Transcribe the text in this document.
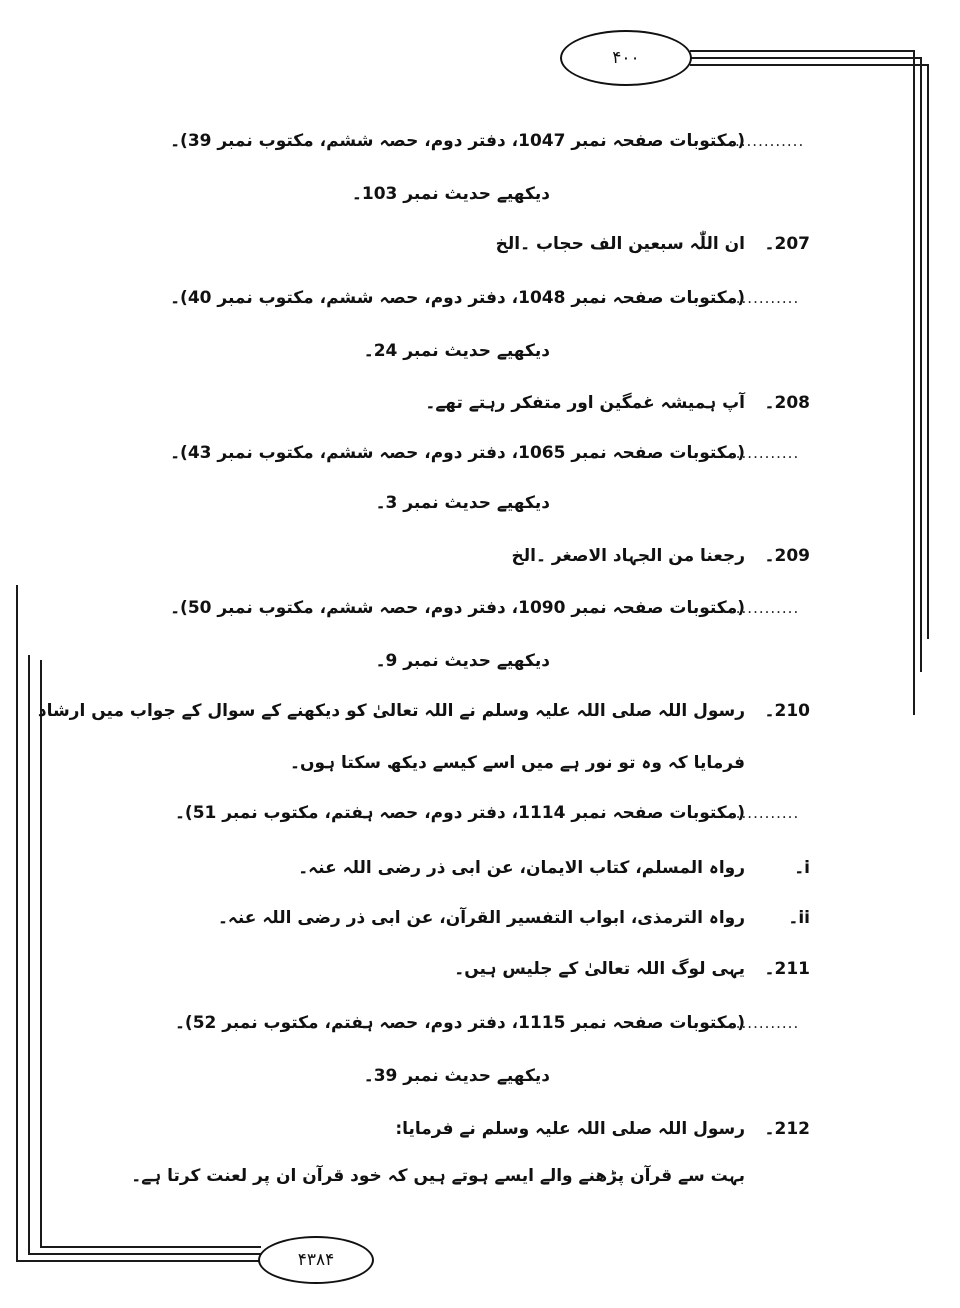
۴۰۰
۴۳۸۴
(مکتوبات صفحہ نمبر 1047، دفتر دوم، حصہ ششم، مکتوب نمبر 39)۔
............
دیکھیے حدیث نمبر 103۔
ان اللّٰہ سبعین الف حجاب ۔الخ 207۔
(مکتوبات صفحہ نمبر 1048، دفتر دوم، حصہ ششم، مکتوب نمبر 40)۔
............
دیکھیے حدیث نمبر 24۔
آپ ہمیشہ غمگین اور متفکر رہتے تھے۔ 208۔
(مکتوبات صفحہ نمبر 1065، دفتر دوم، حصہ ششم، مکتوب نمبر 43)۔
............
دیکھیے حدیث نمبر 3۔
رجعنا من الجہاد الاصغر ۔الخ 209۔
(مکتوبات صفحہ نمبر 1090، دفتر دوم، حصہ ششم، مکتوب نمبر 50)۔
............
دیکھیے حدیث نمبر 9۔
رسول اللہ صلی اللہ علیہ وسلم نے اللہ تعالیٰ کو دیکھنے کے سوال کے جواب میں ارشاد 210۔
فرمایا کہ وہ تو نور ہے میں اسے کیسے دیکھ سکتا ہوں۔
(مکتوبات صفحہ نمبر 1114، دفتر دوم، حصہ ہفتم، مکتوب نمبر 51)۔
............
رواہ المسلم، کتاب الایمان، عن ابی ذر رضی اللہ عنہ۔	i۔
رواہ الترمذی، ابواب التفسیر القرآن، عن ابی ذر رضی اللہ عنہ۔	ii۔
یہی لوگ اللہ تعالیٰ کے جلیس ہیں۔ 211۔
(مکتوبات صفحہ نمبر 1115، دفتر دوم، حصہ ہفتم، مکتوب نمبر 52)۔
............
دیکھیے حدیث نمبر 39۔
رسول اللہ صلی اللہ علیہ وسلم نے فرمایا: 212۔
بہت سے قرآن پڑھنے والے ایسے ہوتے ہیں کہ خود قرآن ان پر لعنت کرتا ہے۔
